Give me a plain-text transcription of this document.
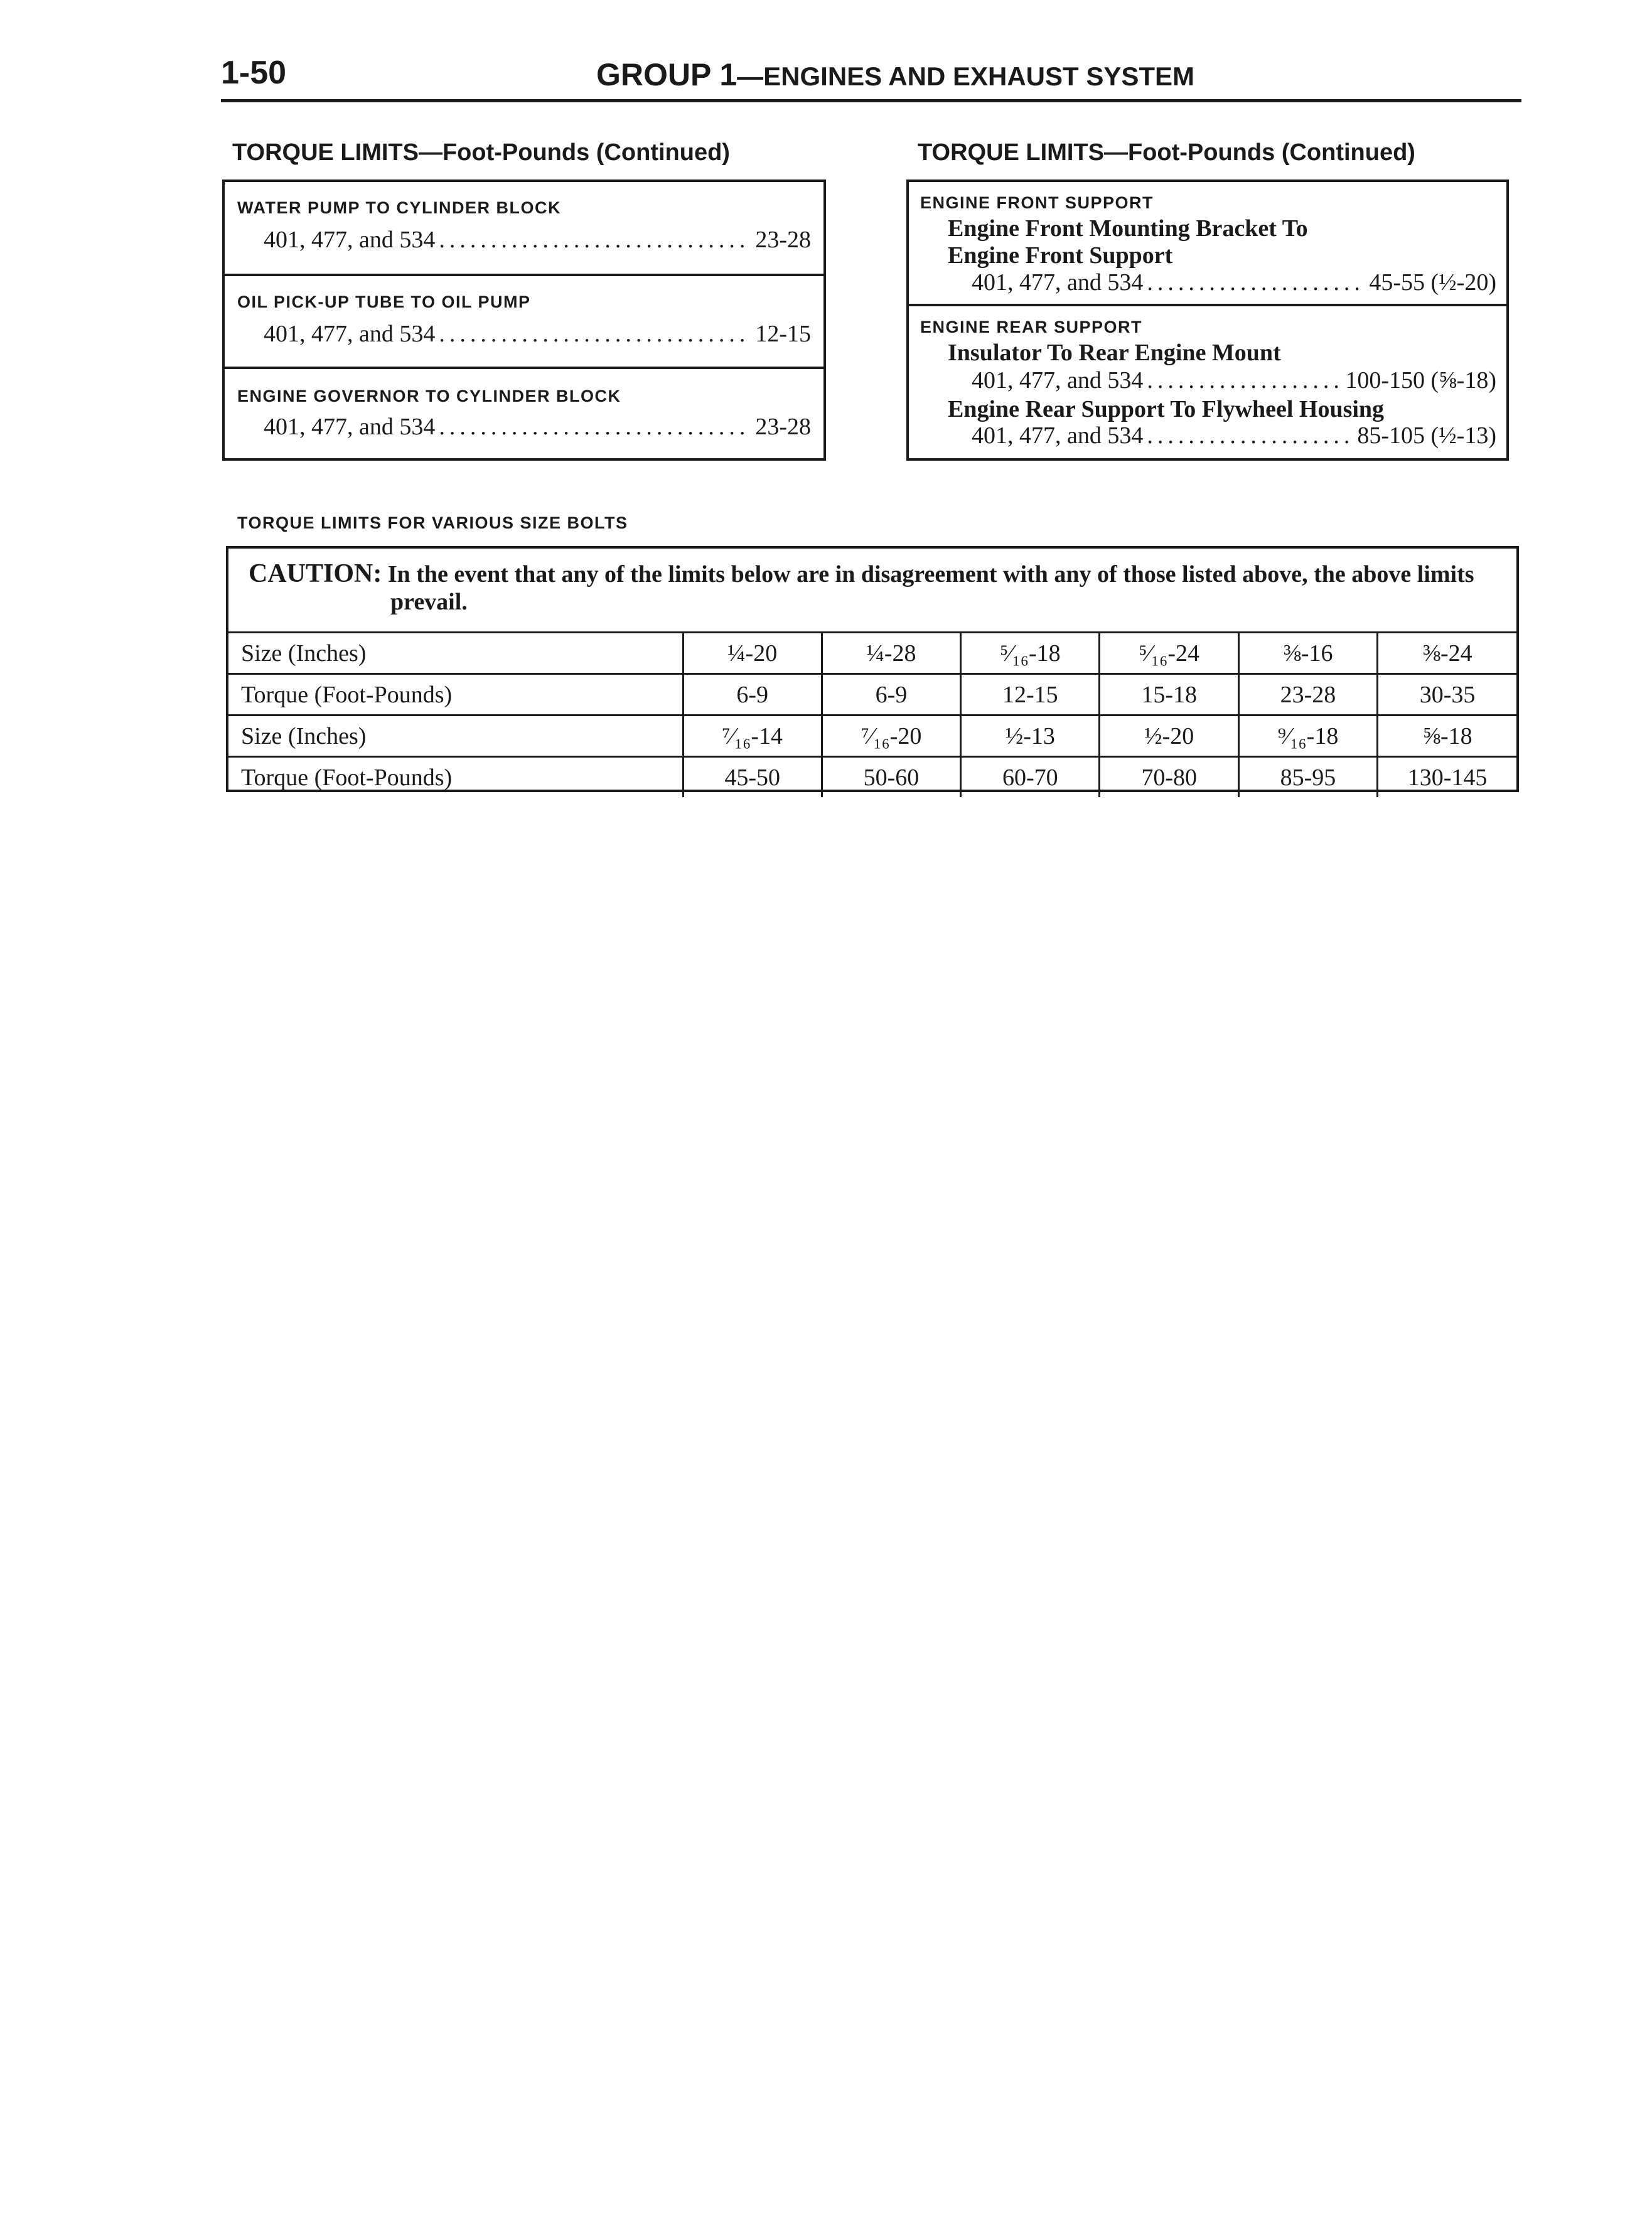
1-50	GROUP 1—ENGINES AND EXHAUST SYSTEM
TORQUE LIMITS—Foot-Pounds (Continued)
WATER PUMP TO CYLINDER BLOCK
401, 477, and 534 .....	23-28
OIL PICK-UP TUBE TO OIL PUMP
401, 477, and 534 .....	12-15
ENGINE GOVERNOR TO CYLINDER BLOCK
401, 477, and 534 .....	23-28
TORQUE LIMITS—Foot-Pounds (Continued)
ENGINE FRONT SUPPORT
Engine Front Mounting Bracket To
Engine Front Support
401, 477, and 534 .....	45-55 (½-20)
ENGINE REAR SUPPORT
Insulator To Rear Engine Mount
401, 477, and 534 .....	100-150 (⅝-18)
Engine Rear Support To Flywheel Housing
401, 477, and 534 .....	85-105 (½-13)
TORQUE LIMITS FOR VARIOUS SIZE BOLTS
CAUTION: In the event that any of the limits below are in disagreement with any of those listed above, the above limits
prevail.
Size (Inches)	¼-20	¼-28	⁵⁄₁₆-18	⁵⁄₁₆-24	⅜-16	⅜-24
Torque (Foot-Pounds)	6-9	6-9	12-15	15-18	23-28	30-35
Size (Inches)	⁷⁄₁₆-14	⁷⁄₁₆-20	½-13	½-20	⁹⁄₁₆-18	⅝-18
Torque (Foot-Pounds)	45-50	50-60	60-70	70-80	85-95	130-145
